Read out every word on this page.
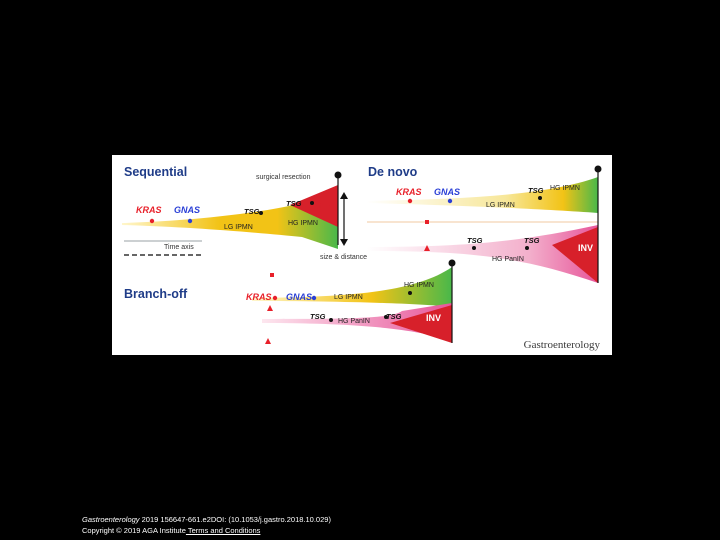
Sequential	De novo
Branch-off
surgical resection
KRAS GNAS	TSG
TSG INV
LG IPMN
HG IPMN
Time axis
size & distance
KRAS GNAS	TSG HG IPMN
LG IPMN
TSG	TSG
HG PanIN
INV
KRAS GNAS	LG IPMN
HG IPMN
TSG
HG PanIN
TSG	INV
Gastroenterology
Gastroenterology 2019 156647-661.e2DOI: (10.1053/j.gastro.2018.10.029)
Copyright © 2019 AGA Institute Terms and Conditions
